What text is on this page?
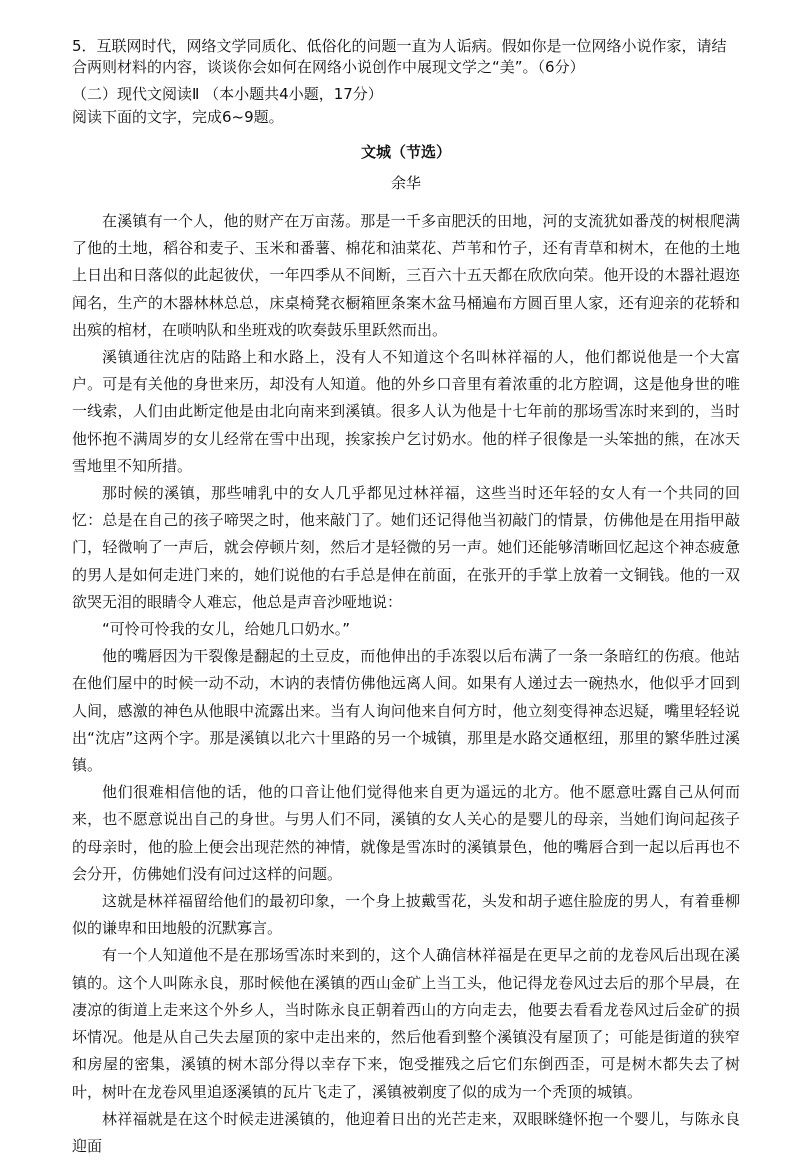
5．互联网时代，网络文学同质化、低俗化的问题一直为人诟病。假如你是一位网络小说作家，请结合两则材料的内容，谈谈你会如何在网络小说创作中展现文学之“美”。（6分）

（二）现代文阅读Ⅱ （本小题共4小题，17分）

阅读下面的文字，完成6~9题。

文城（节选）
余华

在溪镇有一个人，他的财产在万亩荡。那是一千多亩肥沃的田地，河的支流犹如番茂的树根爬满了他的土地，稻谷和麦子、玉米和番薯、棉花和油菜花、芦苇和竹子，还有青草和树木，在他的土地上日出和日落似的此起彼伏，一年四季从不间断，三百六十五天都在欣欣向荣。他开设的木器社遐迩闻名，生产的木器林林总总，床桌椅凳衣橱箱匣条案木盆马桶遍布方圆百里人家，还有迎亲的花轿和出殡的棺材，在唢呐队和坐班戏的吹奏鼓乐里跃然而出。

溪镇通往沈店的陆路上和水路上，没有人不知道这个名叫林祥福的人，他们都说他是一个大富户。可是有关他的身世来历，却没有人知道。他的外乡口音里有着浓重的北方腔调，这是他身世的唯一线索，人们由此断定他是由北向南来到溪镇。很多人认为他是十七年前的那场雪冻时来到的，当时他怀抱不满周岁的女儿经常在雪中出现，挨家挨户乞讨奶水。他的样子很像是一头笨拙的熊，在冰天雪地里不知所措。

那时候的溪镇，那些哺乳中的女人几乎都见过林祥福，这些当时还年轻的女人有一个共同的回忆：总是在自己的孩子啼哭之时，他来敲门了。她们还记得他当初敲门的情景，仿佛他是在用指甲敲门，轻微响了一声后，就会停顿片刻，然后才是轻微的另一声。她们还能够清晰回忆起这个神态疲惫的男人是如何走进门来的，她们说他的右手总是伸在前面，在张开的手掌上放着一文铜钱。他的一双欲哭无泪的眼睛令人难忘，他总是声音沙哑地说：

“可怜可怜我的女儿，给她几口奶水。”

他的嘴唇因为干裂像是翻起的土豆皮，而他伸出的手冻裂以后布满了一条一条暗红的伤痕。他站在他们屋中的时候一动不动，木讷的表情仿佛他远离人间。如果有人递过去一碗热水，他似乎才回到人间，感激的神色从他眼中流露出来。当有人询问他来自何方时，他立刻变得神态迟疑，嘴里轻轻说出“沈店”这两个字。那是溪镇以北六十里路的另一个城镇，那里是水路交通枢纽，那里的繁华胜过溪镇。

他们很难相信他的话，他的口音让他们觉得他来自更为遥远的北方。他不愿意吐露自己从何而来，也不愿意说出自己的身世。与男人们不同，溪镇的女人关心的是婴儿的母亲，当她们询问起孩子的母亲时，他的脸上便会出现茫然的神情，就像是雪冻时的溪镇景色，他的嘴唇合到一起以后再也不会分开，仿佛她们没有问过这样的问题。

这就是林祥福留给他们的最初印象，一个身上披戴雪花，头发和胡子遮住脸庞的男人，有着垂柳似的谦卑和田地般的沉默寡言。

有一个人知道他不是在那场雪冻时来到的，这个人确信林祥福是在更早之前的龙卷风后出现在溪镇的。这个人叫陈永良，那时候他在溪镇的西山金矿上当工头，他记得龙卷风过去后的那个早晨，在凄凉的街道上走来这个外乡人，当时陈永良正朝着西山的方向走去，他要去看看龙卷风过后金矿的损坏情况。他是从自己失去屋顶的家中走出来的，然后他看到整个溪镇没有屋顶了；可能是街道的狭窄和房屋的密集，溪镇的树木部分得以幸存下来，饱受摧残之后它们东倒西歪，可是树木都失去了树叶，树叶在龙卷风里追逐溪镇的瓦片飞走了，溪镇被剃度了似的成为一个秃顶的城镇。

林祥福就是在这个时候走进溪镇的，他迎着日出的光芒走来，双眼眯缝怀抱一个婴儿，与陈永良迎面
